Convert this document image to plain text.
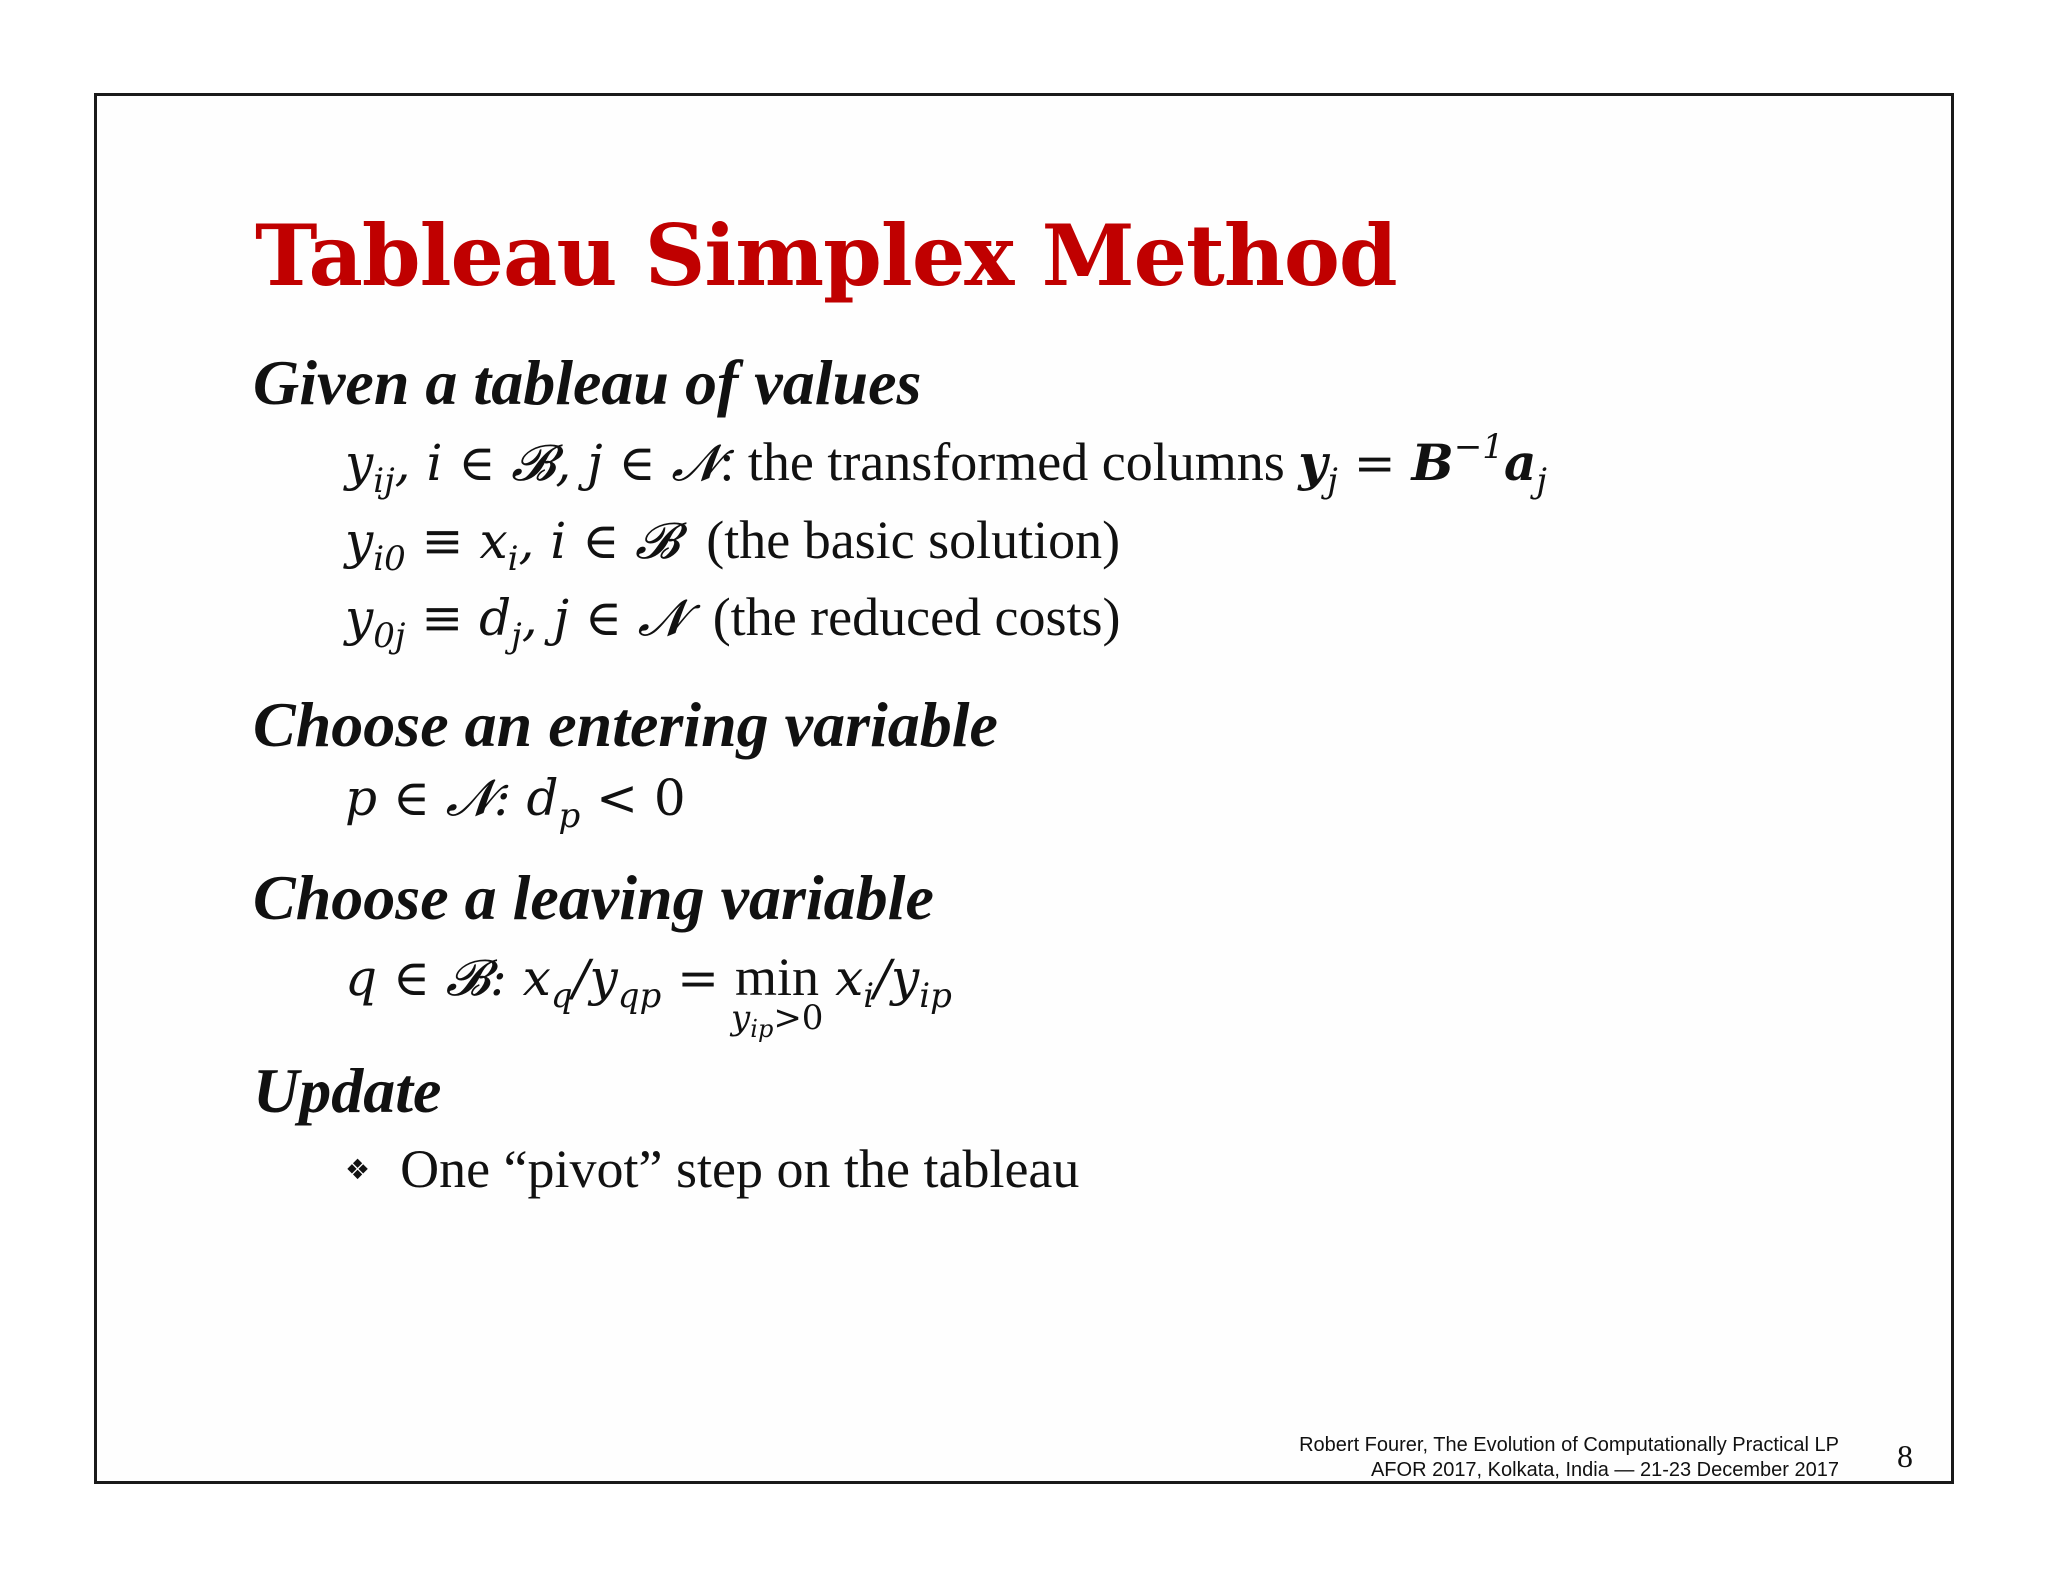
Tableau Simplex Method
Given a tableau of values
$y_{ij}$, i ∈ 𝓑, j ∈ 𝓝: the transformed columns $y_j = B^{-1}a_j$
$y_{i0} \equiv x_i$, i ∈ 𝓑 (the basic solution)
$y_{0j} \equiv d_j$, j ∈ 𝓝 (the reduced costs)
Choose an entering variable
p ∈ 𝓝: $d_p < 0$
Choose a leaving variable
q ∈ 𝓑: $x_q/y_{qp} = \min$
$y_{ip}>0$
$x_i/y_{ip}$
Update
❖ One “pivot” step on the tableau
Robert Fourer, The Evolution of Computationally Practical LP
AFOR 2017, Kolkata, India — 21-23 December 2017 8
